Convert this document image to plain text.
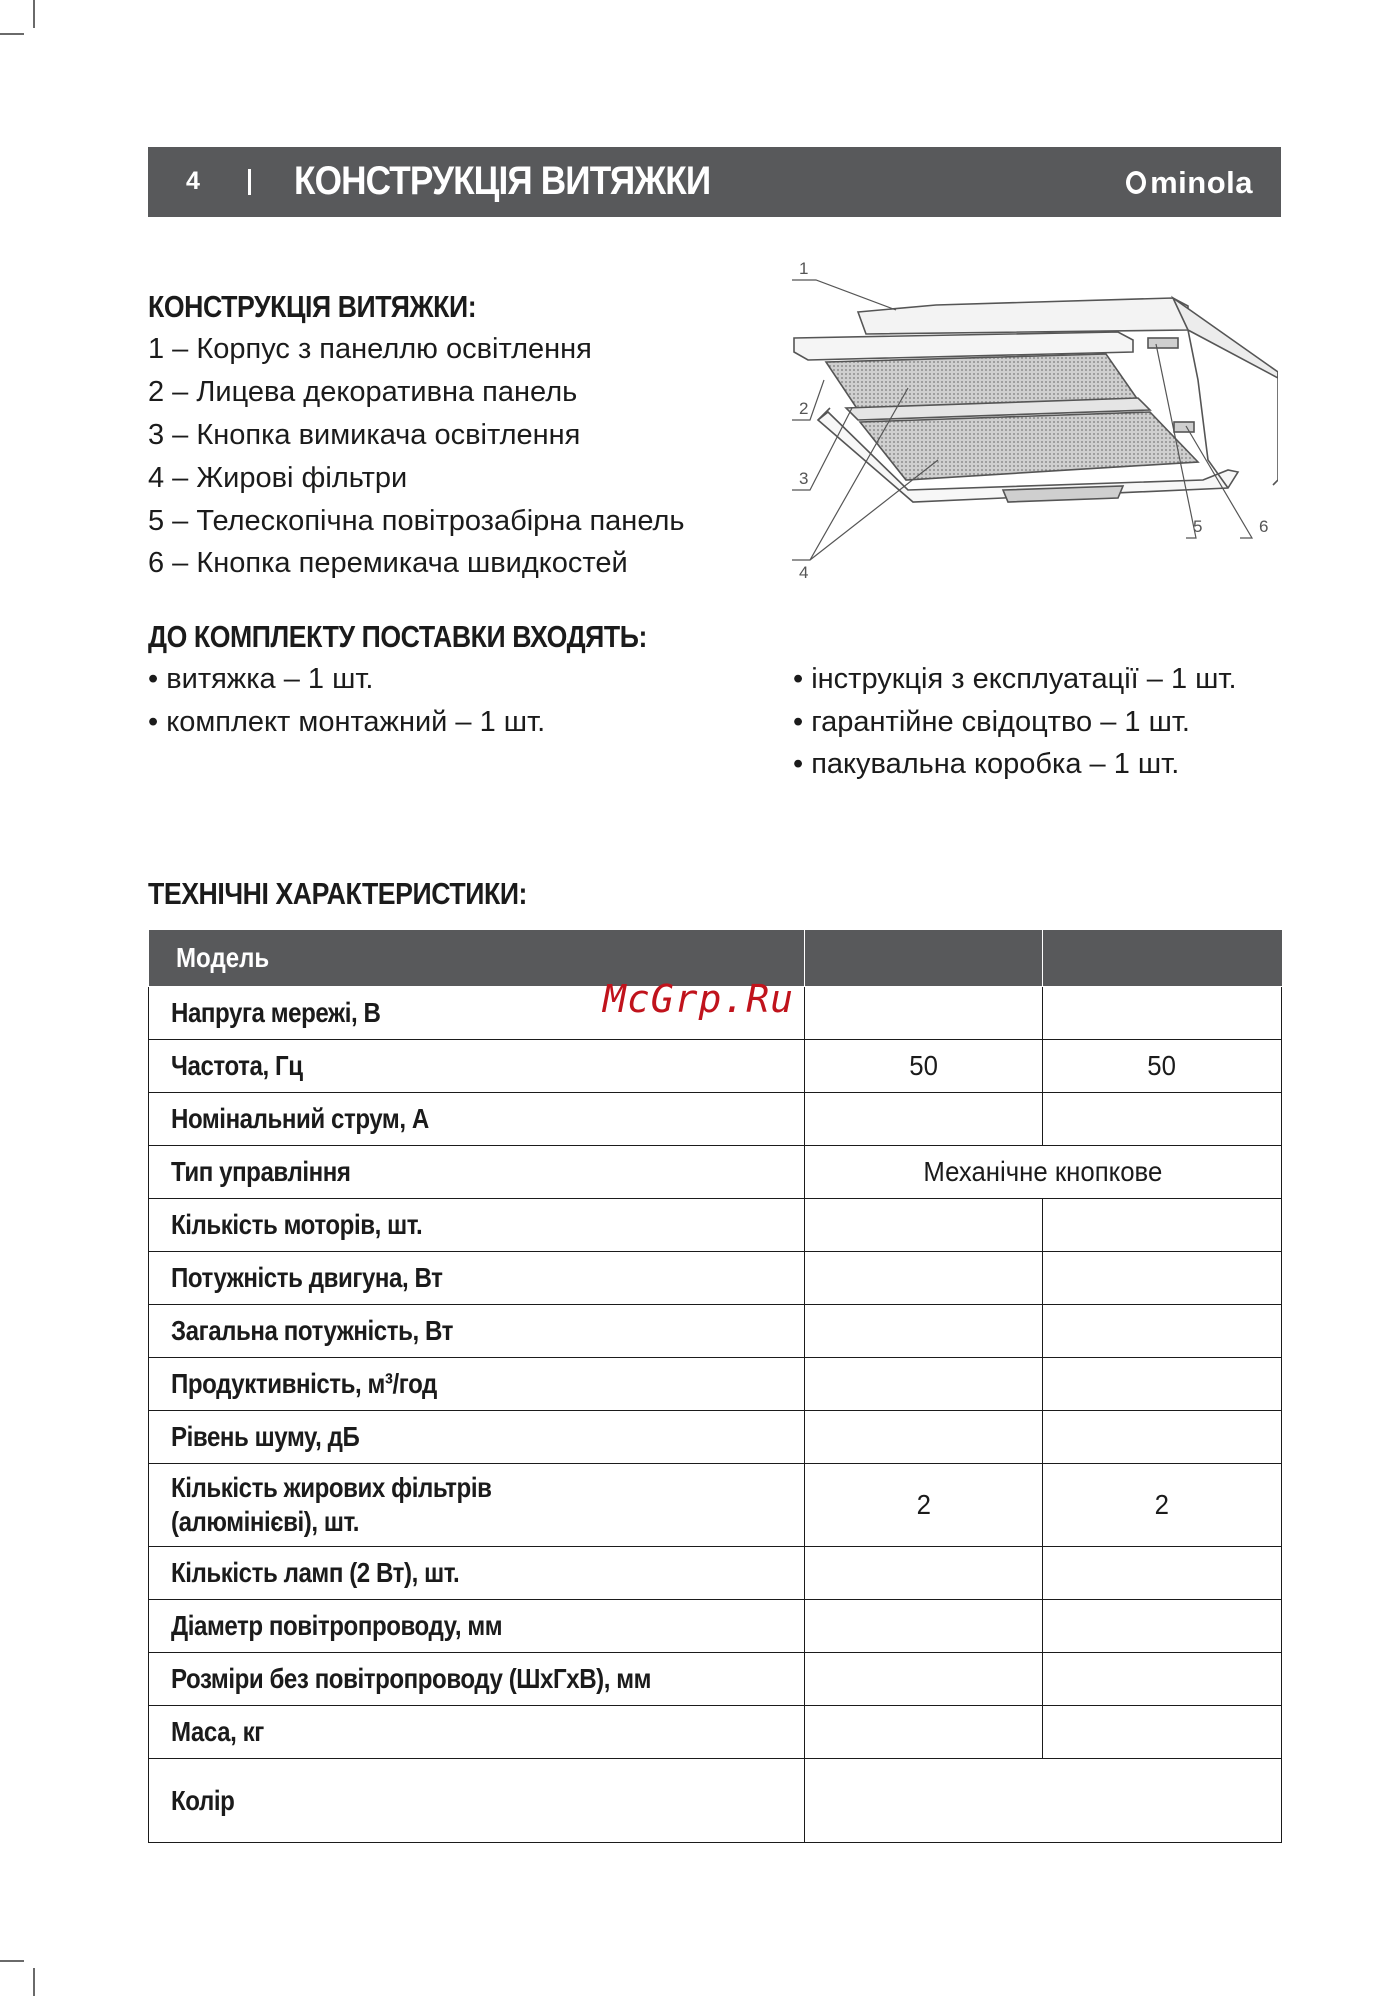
4 КОНСТРУКЦІЯ ВИТЯЖКИ	minola
КОНСТРУКЦІЯ ВИТЯЖКИ:
1 – Корпус з панеллю освітлення
2 – Лицева декоративна панель
3 – Кнопка вимикача освітлення
4 – Жирові фільтри
5 – Телескопічна повітрозабірна панель
6 – Кнопка перемикача швидкостей
1
2
3
4
5	6
ДО КОМПЛЕКТУ ПОСТАВКИ ВХОДЯТЬ:
• витяжка – 1 шт.
• комплект монтажний – 1 шт.
• інструкція з експлуатації – 1 шт.
• гарантійне свідоцтво – 1 шт.
• пакувальна коробка – 1 шт.
ТЕХНІЧНІ ХАРАКТЕРИСТИКИ:
Модель		
Напруга мережі, В		
Частота, Гц	50	50
Номінальний струм, А		
Тип управління	Механічне кнопкове	
Кількість моторів, шт.		
Потужність двигуна, Вт		
Загальна потужність, Вт		
Продуктивність, м³/год		
Рівень шуму, дБ		
Кількість жирових фільтрів
(алюмінієві), шт.	2	2
Кількість ламп (2 Вт), шт.		
Діаметр повітропроводу, мм		
Розміри без повітропроводу (ШхГхВ), мм		
Маса, кг		
Колір		
McGrp.Ru
